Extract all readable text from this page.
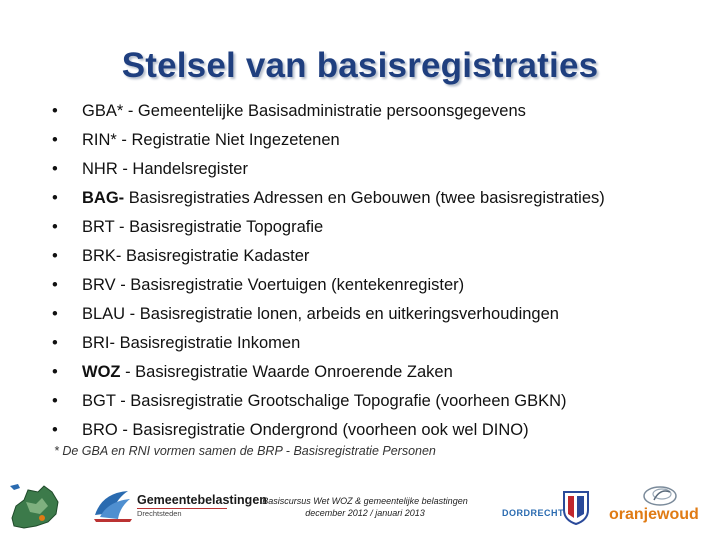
Stelsel van basisregistraties
•	GBA* - Gemeentelijke Basisadministratie persoonsgegevens
•	RIN* - Registratie Niet Ingezetenen
•	NHR - Handelsregister
•	BAG- Basisregistraties Adressen en Gebouwen (twee basisregistraties)
•	BRT - Basisregistratie Topografie
•	BRK- Basisregistratie Kadaster
•	BRV - Basisregistratie Voertuigen (kentekenregister)
•	BLAU - Basisregistratie lonen, arbeids en uitkeringsverhoudingen
•	BRI- Basisregistratie Inkomen
•	WOZ - Basisregistratie Waarde Onroerende Zaken
•	BGT - Basisregistratie Grootschalige Topografie (voorheen GBKN)
•	BRO - Basisregistratie Ondergrond (voorheen ook wel DINO)
* De GBA en RNI vormen samen de BRP - Basisregistratie Personen
Gemeentebelastingen
Drechtsteden
Basiscursus Wet WOZ & gemeentelijke belastingen
december 2012 / januari 2013	DORDRECHT	oranjewoud
